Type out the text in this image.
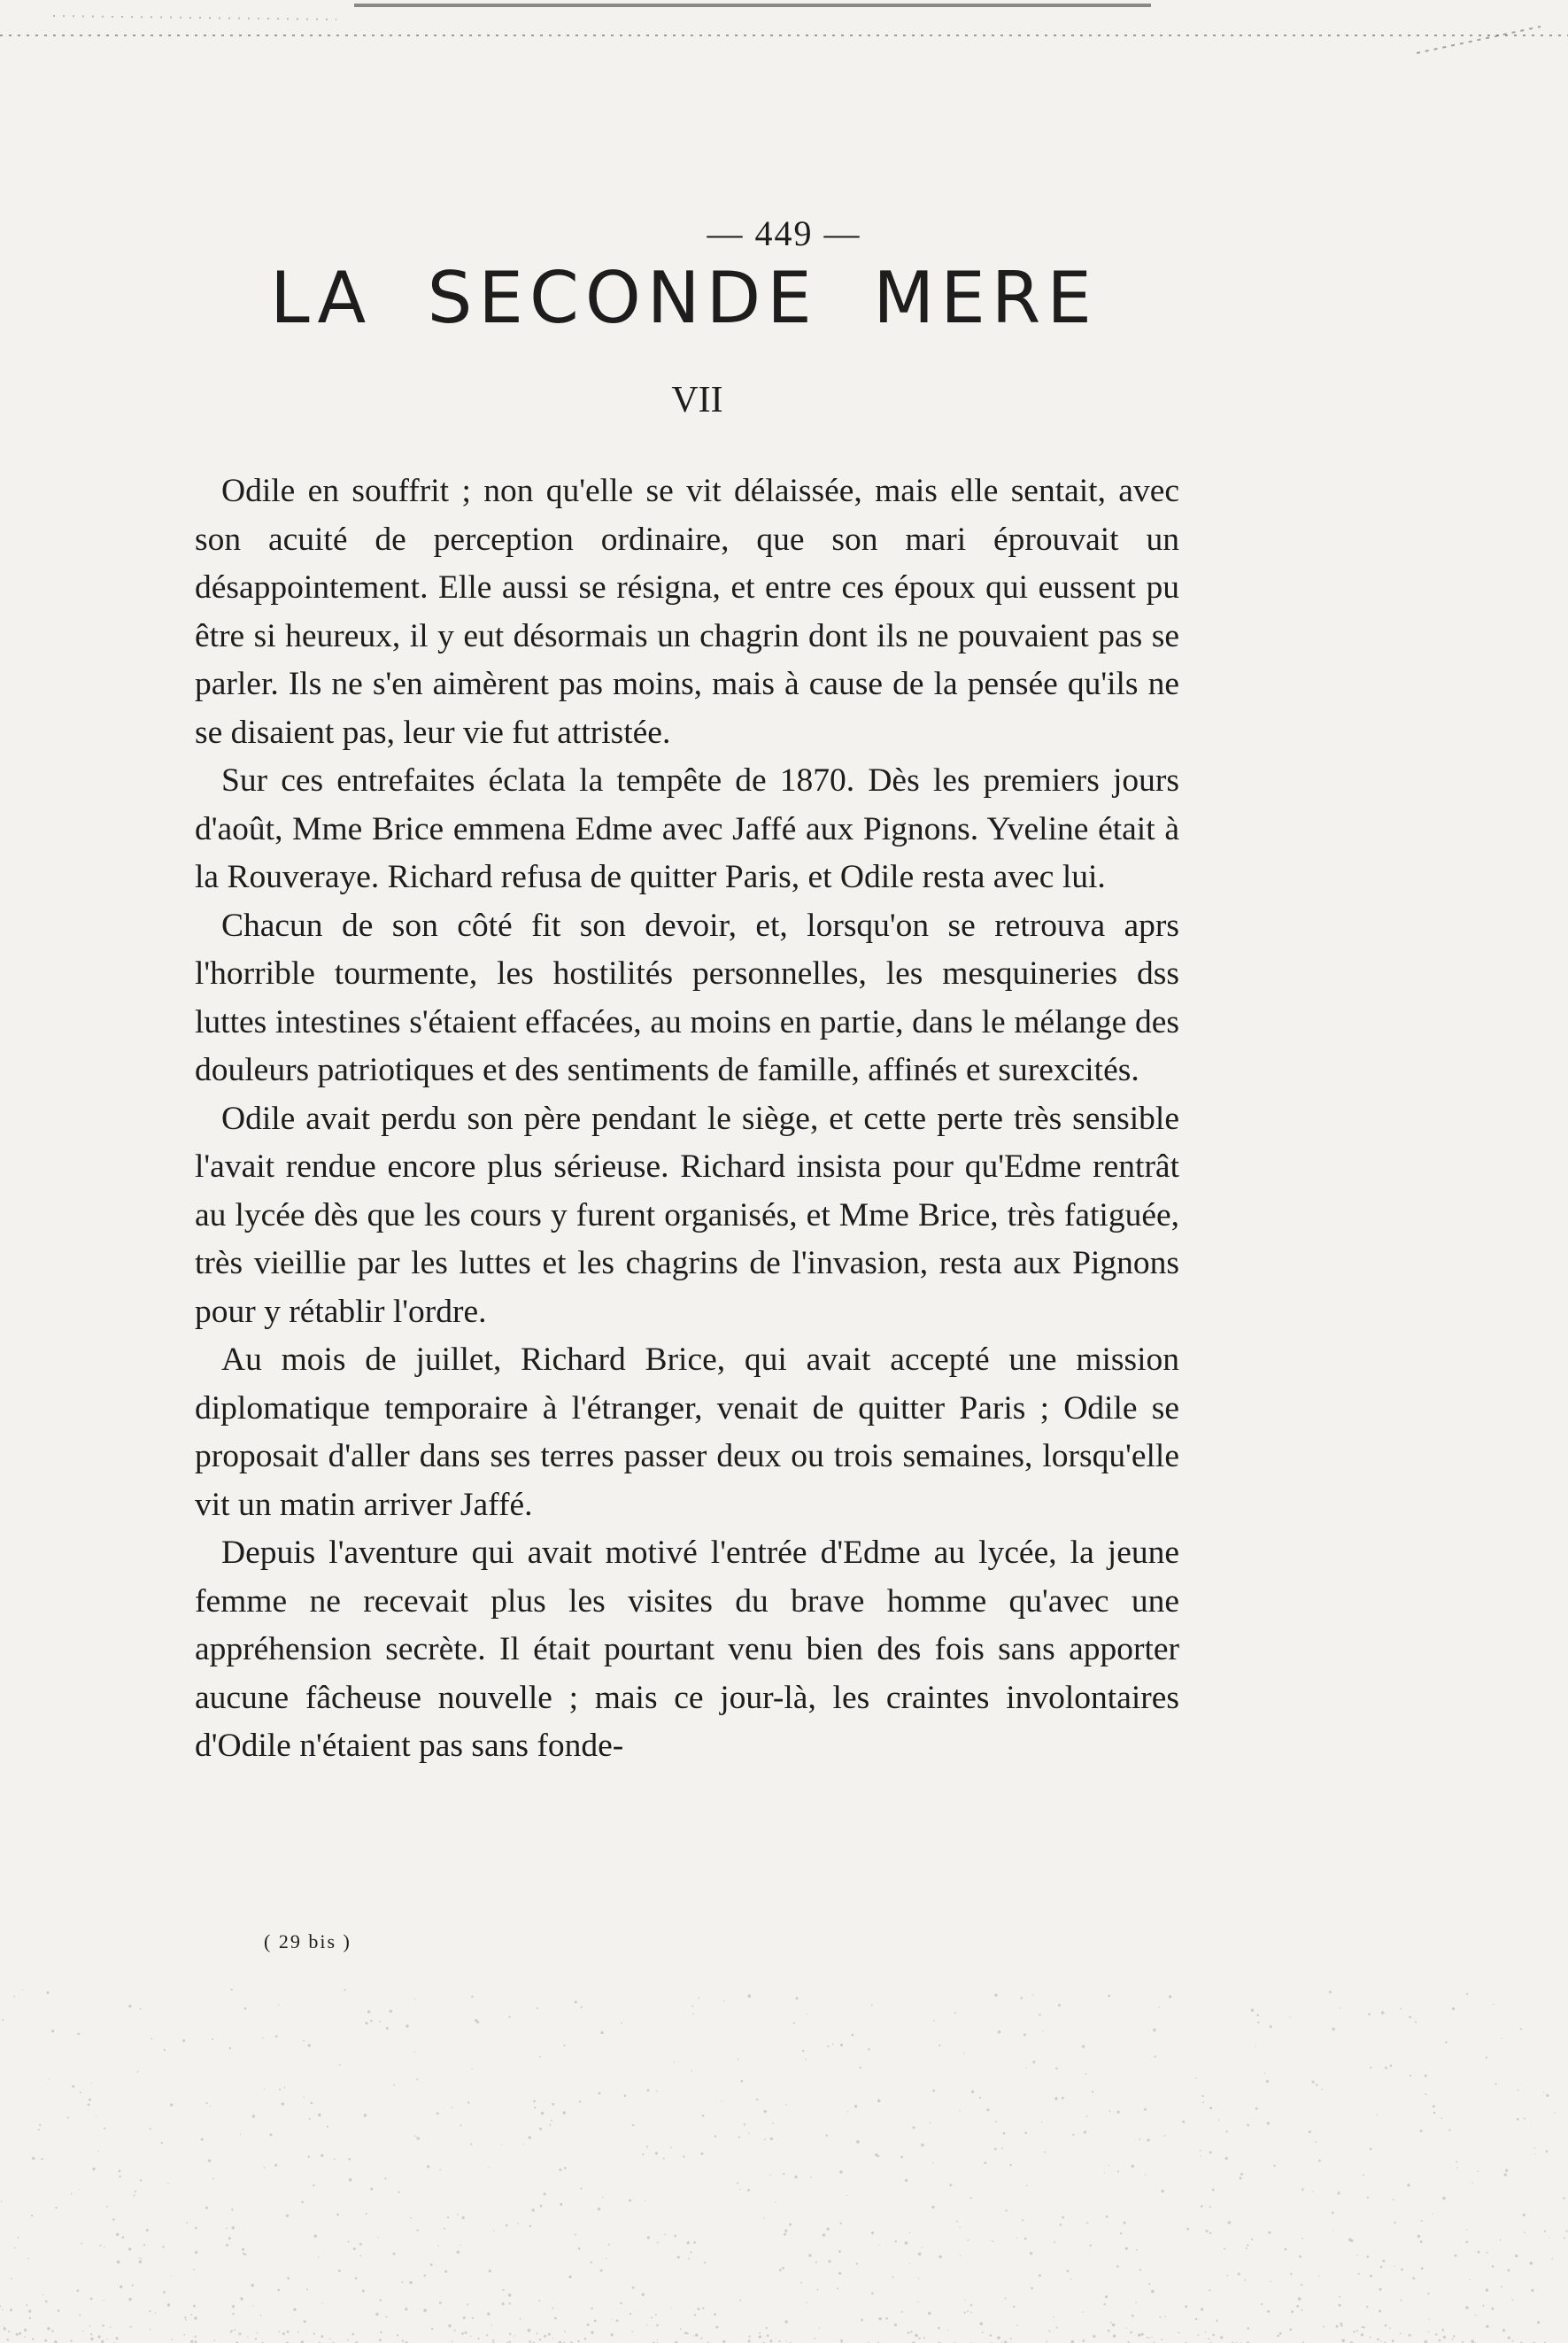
— 449 —
LA SECONDE MERE
VII

Odile en souffrit ; non qu'elle se vit délaissée, mais elle sentait, avec son acuité de perception ordinaire, que son mari éprouvait un désappointement. Elle aussi se résigna, et entre ces époux qui eussent pu être si heureux, il y eut désormais un chagrin dont ils ne pouvaient pas se parler. Ils ne s'en aimèrent pas moins, mais à cause de la pensée qu'ils ne se disaient pas, leur vie fut attristée.

Sur ces entrefaites éclata la tempête de 1870. Dès les premiers jours d'août, Mme Brice emmena Edme avec Jaffé aux Pignons. Yveline était à la Rouveraye. Richard refusa de quitter Paris, et Odile resta avec lui.

Chacun de son côté fit son devoir, et, lorsqu'on se retrouva aprs l'horrible tourmente, les hostilités personnelles, les mesquineries dss luttes intestines s'étaient effacées, au moins en partie, dans le mélange des douleurs patriotiques et des sentiments de famille, affinés et surexcités.

Odile avait perdu son père pendant le siège, et cette perte très sensible l'avait rendue encore plus sérieuse. Richard insista pour qu'Edme rentrât au lycée dès que les cours y furent organisés, et Mme Brice, très fatiguée, très vieillie par les luttes et les chagrins de l'invasion, resta aux Pignons pour y rétablir l'ordre.

Au mois de juillet, Richard Brice, qui avait accepté une mission diplomatique temporaire à l'étranger, venait de quitter Paris ; Odile se proposait d'aller dans ses terres passer deux ou trois semaines, lorsqu'elle vit un matin arriver Jaffé.

Depuis l'aventure qui avait motivé l'entrée d'Edme au lycée, la jeune femme ne recevait plus les visites du brave homme qu'avec une appréhension secrète. Il était pourtant venu bien des fois sans apporter aucune fâcheuse nouvelle ; mais ce jour-là, les craintes involontaires d'Odile n'étaient pas sans fonde-

( 29 bis )
